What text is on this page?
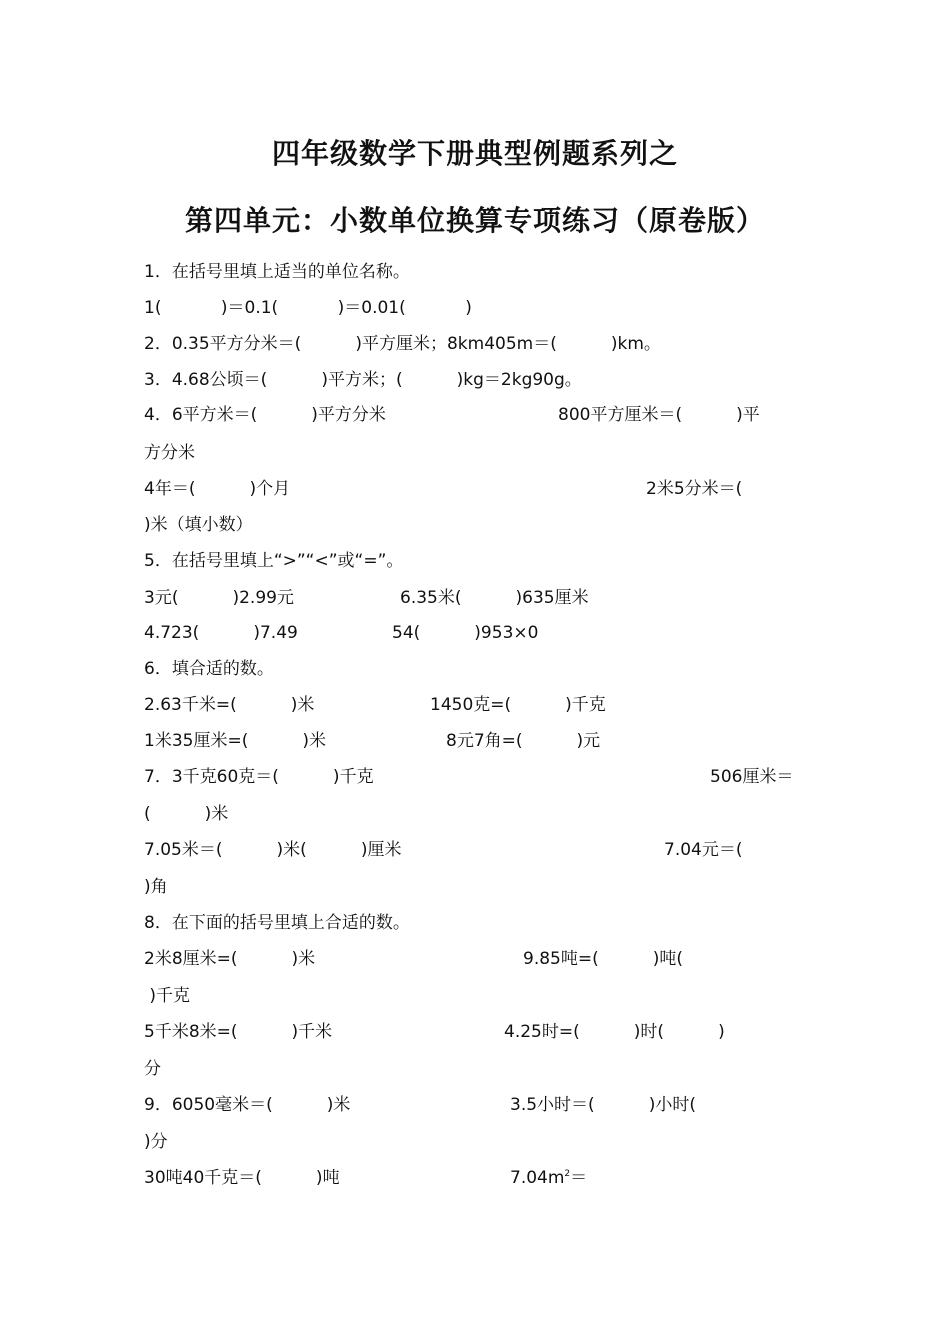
四年级数学下册典型例题系列之
第四单元：小数单位换算专项练习（原卷版）
1．在括号里填上适当的单位名称。
1(           )＝0.1(           )＝0.01(           )
2．0.35平方分米＝(          )平方厘米；8km405m＝(          )km。
3．4.68公顷＝(          )平方米；(          )kg＝2kg90g。
4．6平方米＝(          )平方分米	800平方厘米＝(          )平
方分米
4年＝(          )个月	2米5分米＝(
)米（填小数）
5．在括号里填上“>”“<”或“=”。
3元(          )2.99元	6.35米(          )635厘米
4.723(          )7.49	54(          )953×0
6．填合适的数。
2.63千米=(          )米	1450克=(          )千克
1米35厘米=(          )米	8元7角=(          )元
7．3千克60克＝(          )千克	506厘米＝
(          )米
7.05米＝(          )米(          )厘米	7.04元＝(
)角
8．在下面的括号里填上合适的数。
2米8厘米=(          )米	9.85吨=(          )吨(
)千克
5千米8米=(          )千米	4.25时=(          )时(          )
分
9．6050毫米＝(          )米	3.5小时＝(          )小时(
)分
30吨40千克＝(          )吨	$7.04m^2=$
